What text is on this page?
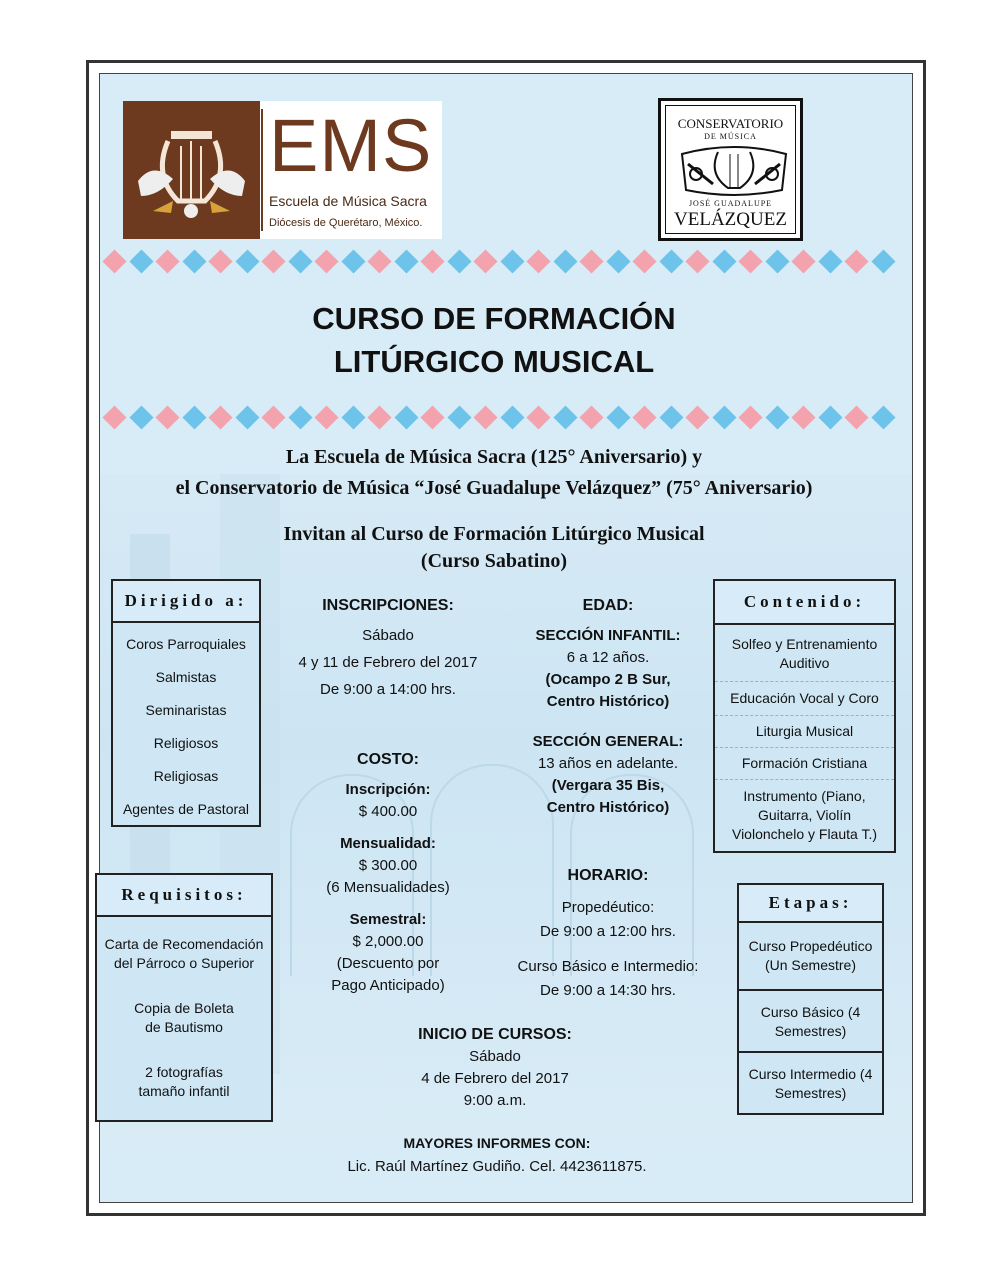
EMS
Escuela de Música Sacra
Diócesis de Querétaro, México.
CONSERVATORIO
DE MÚSICA
JOSÉ GUADALUPE
VELÁZQUEZ
CURSO DE FORMACIÓN
LITÚRGICO MUSICAL
La Escuela de Música Sacra (125° Aniversario) y
el Conservatorio de Música “José Guadalupe Velázquez” (75° Aniversario)
Invitan al Curso de Formación Litúrgico Musical
(Curso Sabatino)
Dirigido a:
Coros Parroquiales
Salmistas
Seminaristas
Religiosos
Religiosas
Agentes de Pastoral
Requisitos:
Carta de Recomendación del Párroco o Superior
Copia de Boleta de Bautismo
2 fotografías tamaño infantil
Contenido:
Solfeo y Entrenamiento Auditivo
Educación Vocal y Coro
Liturgia Musical
Formación Cristiana
Instrumento (Piano, Guitarra, Violín Violonchelo y Flauta T.)
Etapas:
Curso Propedéutico (Un Semestre)
Curso Básico (4 Semestres)
Curso Intermedio (4 Semestres)
INSCRIPCIONES:
Sábado
4 y 11 de Febrero del 2017
De 9:00 a 14:00 hrs.
COSTO:
Inscripción:
$ 400.00
Mensualidad:
$ 300.00
(6 Mensualidades)
Semestral:
$ 2,000.00
(Descuento por
Pago Anticipado)
EDAD:
SECCIÓN INFANTIL:
6 a 12 años.
(Ocampo 2 B Sur,
Centro Histórico)
SECCIÓN GENERAL:
13 años en adelante.
(Vergara 35 Bis,
Centro Histórico)
HORARIO:
Propedéutico:
De 9:00 a 12:00 hrs.
Curso Básico e Intermedio:
De 9:00 a 14:30 hrs.
INICIO DE CURSOS:
Sábado
4 de Febrero del 2017
9:00 a.m.
MAYORES INFORMES CON:
Lic. Raúl Martínez Gudiño. Cel. 4423611875.
